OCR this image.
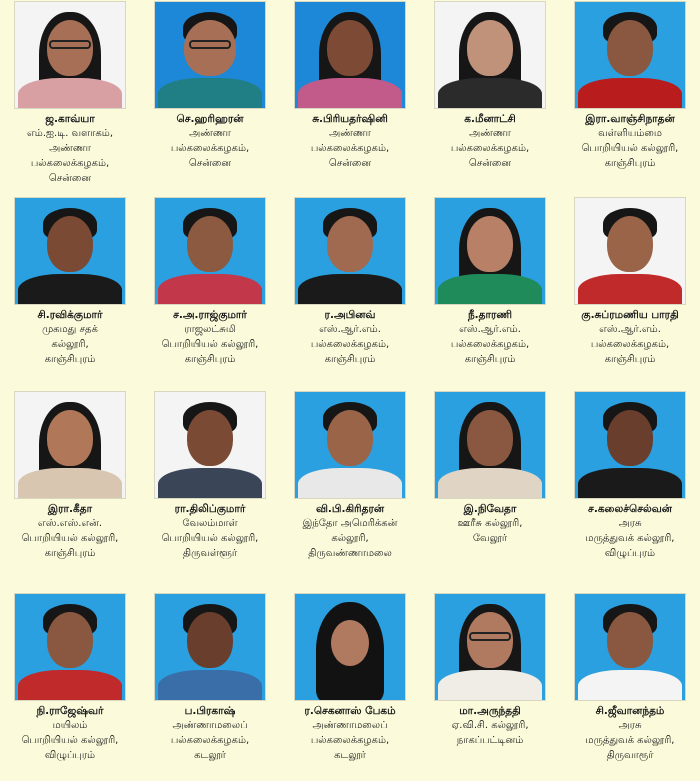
ஜ.காவ்யா
எம்.ஐ.டி. வளாகம்,
அண்ணா
பல்கலைக்கழகம்,
சென்னை
செ.ஹரிஹரன்
அண்ணா
பல்கலைக்கழகம்,
சென்னை
சு.பிரியதர்ஷினி
அண்ணா
பல்கலைக்கழகம்,
சென்னை
க.மீனாட்சி
அண்ணா
பல்கலைக்கழகம்,
சென்னை
இரா.வாஞ்சிநாதன்
வள்ளியம்மை
பொறியியல் கல்லூரி,
காஞ்சிபுரம்
சி.ரவிக்குமார்
முகமது சதக்
கல்லூரி,
காஞ்சிபுரம்
ச.அ.ராஜ்குமார்
ராஜலட்சுமி
பொறியியல் கல்லூரி,
காஞ்சிபுரம்
ர.அபினவ்
எஸ்.ஆர்.எம்.
பல்கலைக்கழகம்,
காஞ்சிபுரம்
நீ.தாரணி
எஸ்.ஆர்.எம்.
பல்கலைக்கழகம்,
காஞ்சிபுரம்
கு.சுப்ரமணிய பாரதி
எஸ்.ஆர்.எம்.
பல்கலைக்கழகம்,
காஞ்சிபுரம்
இரா.கீதா
எஸ்.எஸ்.என்.
பொறியியல் கல்லூரி,
காஞ்சிபுரம்
ரா.திலிப்குமார்
வேலம்மாள்
பொறியியல் கல்லூரி,
திருவள்ளூர்
வி.பி.கிரிதரன்
இந்தோ அமெரிக்கன்
கல்லூரி,
திருவண்ணாமலை
இ.நிவேதா
ஊரீசு கல்லூரி,
வேலூர்
ச.கலைச்செல்வன்
அரசு
மருத்துவக் கல்லூரி,
விழுப்புரம்
நி.ராஜேஷ்வர்
மயிலம்
பொறியியல் கல்லூரி,
விழுப்புரம்
ப.பிரகாஷ்
அண்ணாமலைப்
பல்கலைக்கழகம்,
கடலூர்
ர.செகனாஸ் பேகம்
அண்ணாமலைப்
பல்கலைக்கழகம்,
கடலூர்
மா.அருந்ததி
ஏ.வி.சி. கல்லூரி,
நாகப்பட்டினம்
சி.ஜீவானந்தம்
அரசு
மருத்துவக் கல்லூரி,
திருவாரூர்
